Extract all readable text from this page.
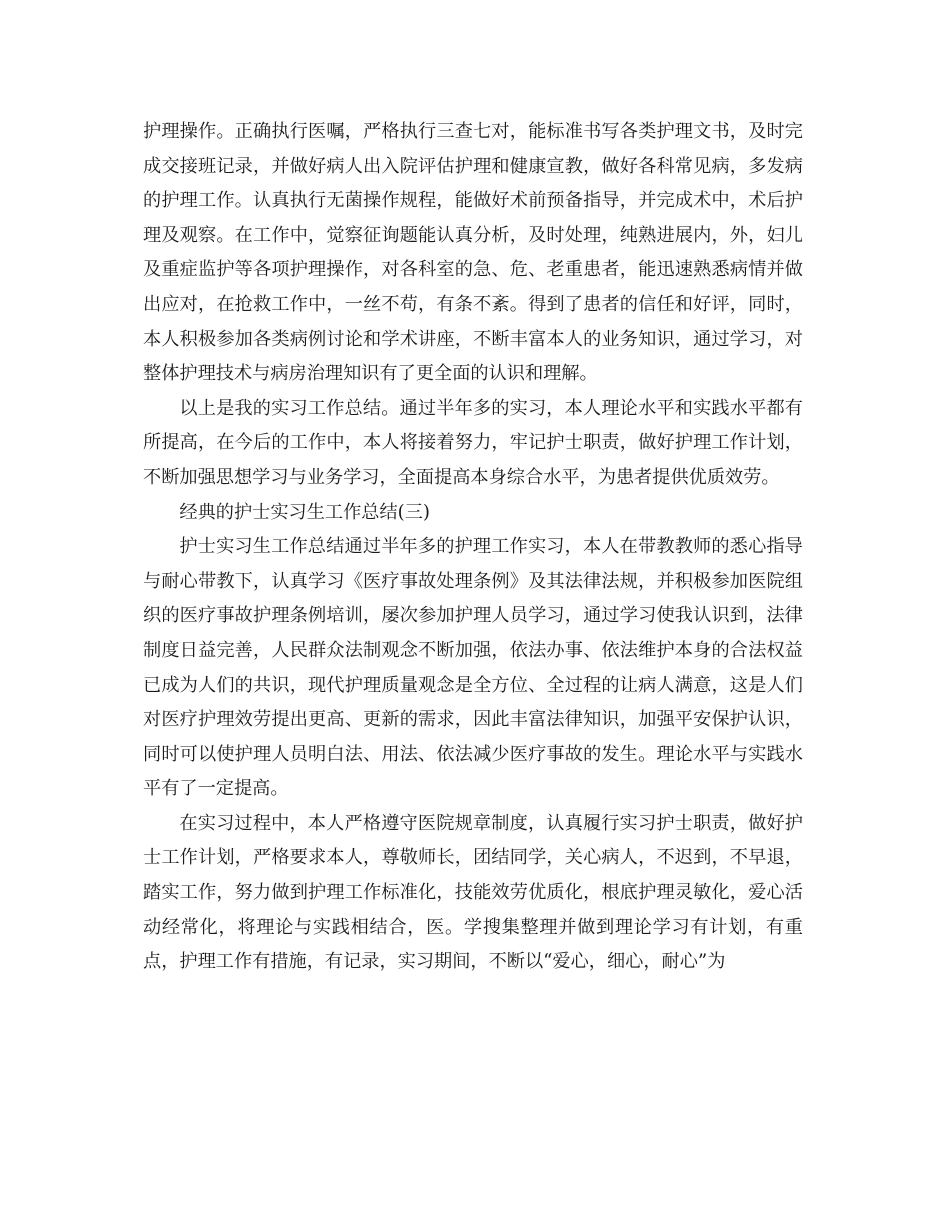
护理操作。正确执行医嘱，严格执行三查七对，能标准书写各类护理文书，及时完成交接班记录，并做好病人出入院评估护理和健康宣教，做好各科常见病，多发病的护理工作。认真执行无菌操作规程，能做好术前预备指导，并完成术中，术后护理及观察。在工作中，觉察征询题能认真分析，及时处理，纯熟进展内，外，妇儿及重症监护等各项护理操作，对各科室的急、危、老重患者，能迅速熟悉病情并做出应对，在抢救工作中，一丝不苟，有条不紊。得到了患者的信任和好评，同时，本人积极参加各类病例讨论和学术讲座，不断丰富本人的业务知识，通过学习，对整体护理技术与病房治理知识有了更全面的认识和理解。

以上是我的实习工作总结。通过半年多的实习，本人理论水平和实践水平都有所提高，在今后的工作中，本人将接着努力，牢记护士职责，做好护理工作计划，不断加强思想学习与业务学习，全面提高本身综合水平，为患者提供优质效劳。

经典的护士实习生工作总结(三)

护士实习生工作总结通过半年多的护理工作实习，本人在带教教师的悉心指导与耐心带教下，认真学习《医疗事故处理条例》及其法律法规，并积极参加医院组织的医疗事故护理条例培训，屡次参加护理人员学习，通过学习使我认识到，法律制度日益完善，人民群众法制观念不断加强，依法办事、依法维护本身的合法权益已成为人们的共识，现代护理质量观念是全方位、全过程的让病人满意，这是人们对医疗护理效劳提出更高、更新的需求，因此丰富法律知识，加强平安保护认识，同时可以使护理人员明白法、用法、依法减少医疗事故的发生。理论水平与实践水平有了一定提高。

在实习过程中，本人严格遵守医院规章制度，认真履行实习护士职责，做好护士工作计划，严格要求本人，尊敬师长，团结同学，关心病人，不迟到，不早退，踏实工作，努力做到护理工作标准化，技能效劳优质化，根底护理灵敏化，爱心活动经常化，将理论与实践相结合，医。学搜集整理并做到理论学习有计划，有重点，护理工作有措施，有记录，实习期间，不断以“爱心，细心，耐心”为
